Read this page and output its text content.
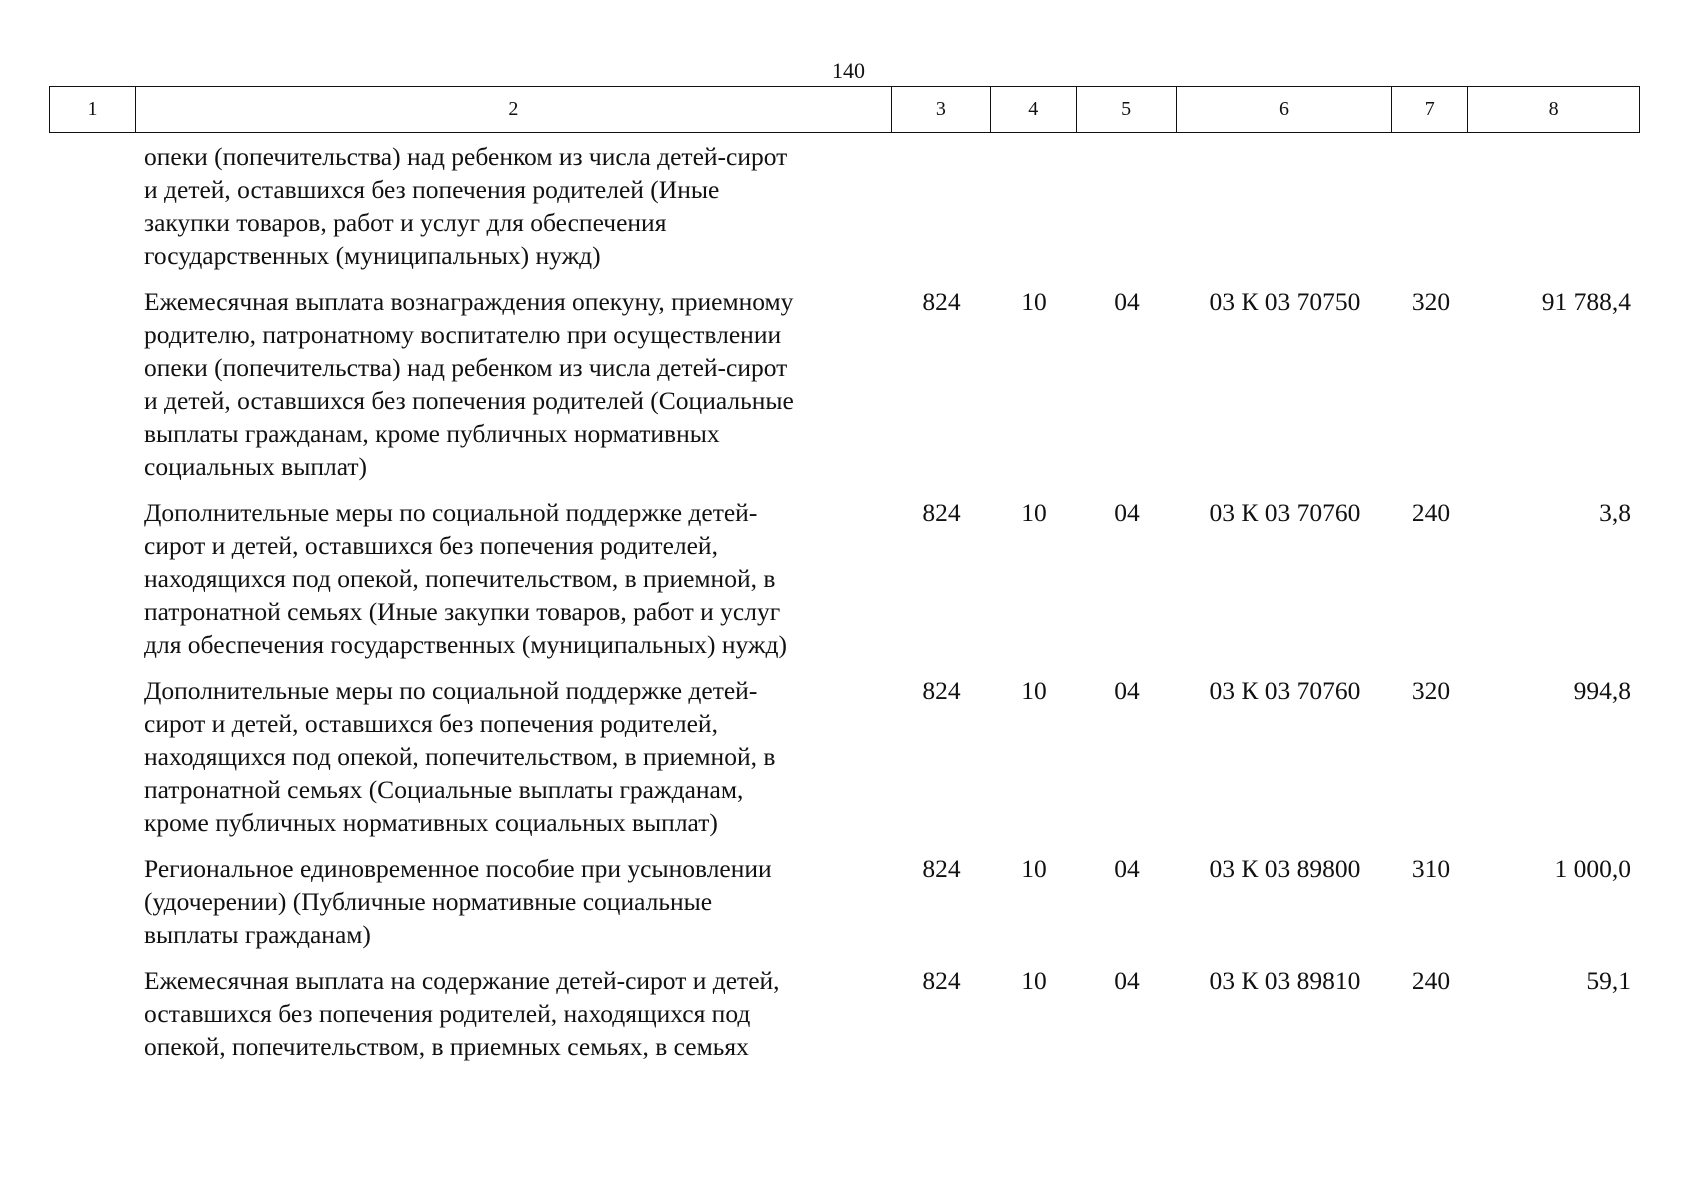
140
1	2	3	4	5	6	7	8
опеки (попечительства) над ребенком из числа детей-сирот
и детей, оставшихся без попечения родителей (Иные
закупки товаров, работ и услуг для обеспечения
государственных (муниципальных) нужд)
Ежемесячная выплата вознаграждения опекуну, приемному
родителю, патронатному воспитателю при осуществлении
опеки (попечительства) над ребенком из числа детей-сирот
и детей, оставшихся без попечения родителей (Социальные
выплаты гражданам, кроме публичных нормативных
социальных выплат)
824	10	04	03 К 03 70750	320	91 788,4
Дополнительные меры по социальной поддержке детей-
сирот и детей, оставшихся без попечения родителей,
находящихся под опекой, попечительством, в приемной, в
патронатной семьях (Иные закупки товаров, работ и услуг
для обеспечения государственных (муниципальных) нужд)
824	10	04	03 К 03 70760	240	3,8
Дополнительные меры по социальной поддержке детей-
сирот и детей, оставшихся без попечения родителей,
находящихся под опекой, попечительством, в приемной, в
патронатной семьях (Социальные выплаты гражданам,
кроме публичных нормативных социальных выплат)
824	10	04	03 К 03 70760	320	994,8
Региональное единовременное пособие при усыновлении
(удочерении) (Публичные нормативные социальные
выплаты гражданам)
824	10	04	03 К 03 89800	310	1 000,0
Ежемесячная выплата на содержание детей-сирот и детей,
оставшихся без попечения родителей, находящихся под
опекой, попечительством, в приемных семьях, в семьях
824	10	04	03 К 03 89810	240	59,1
